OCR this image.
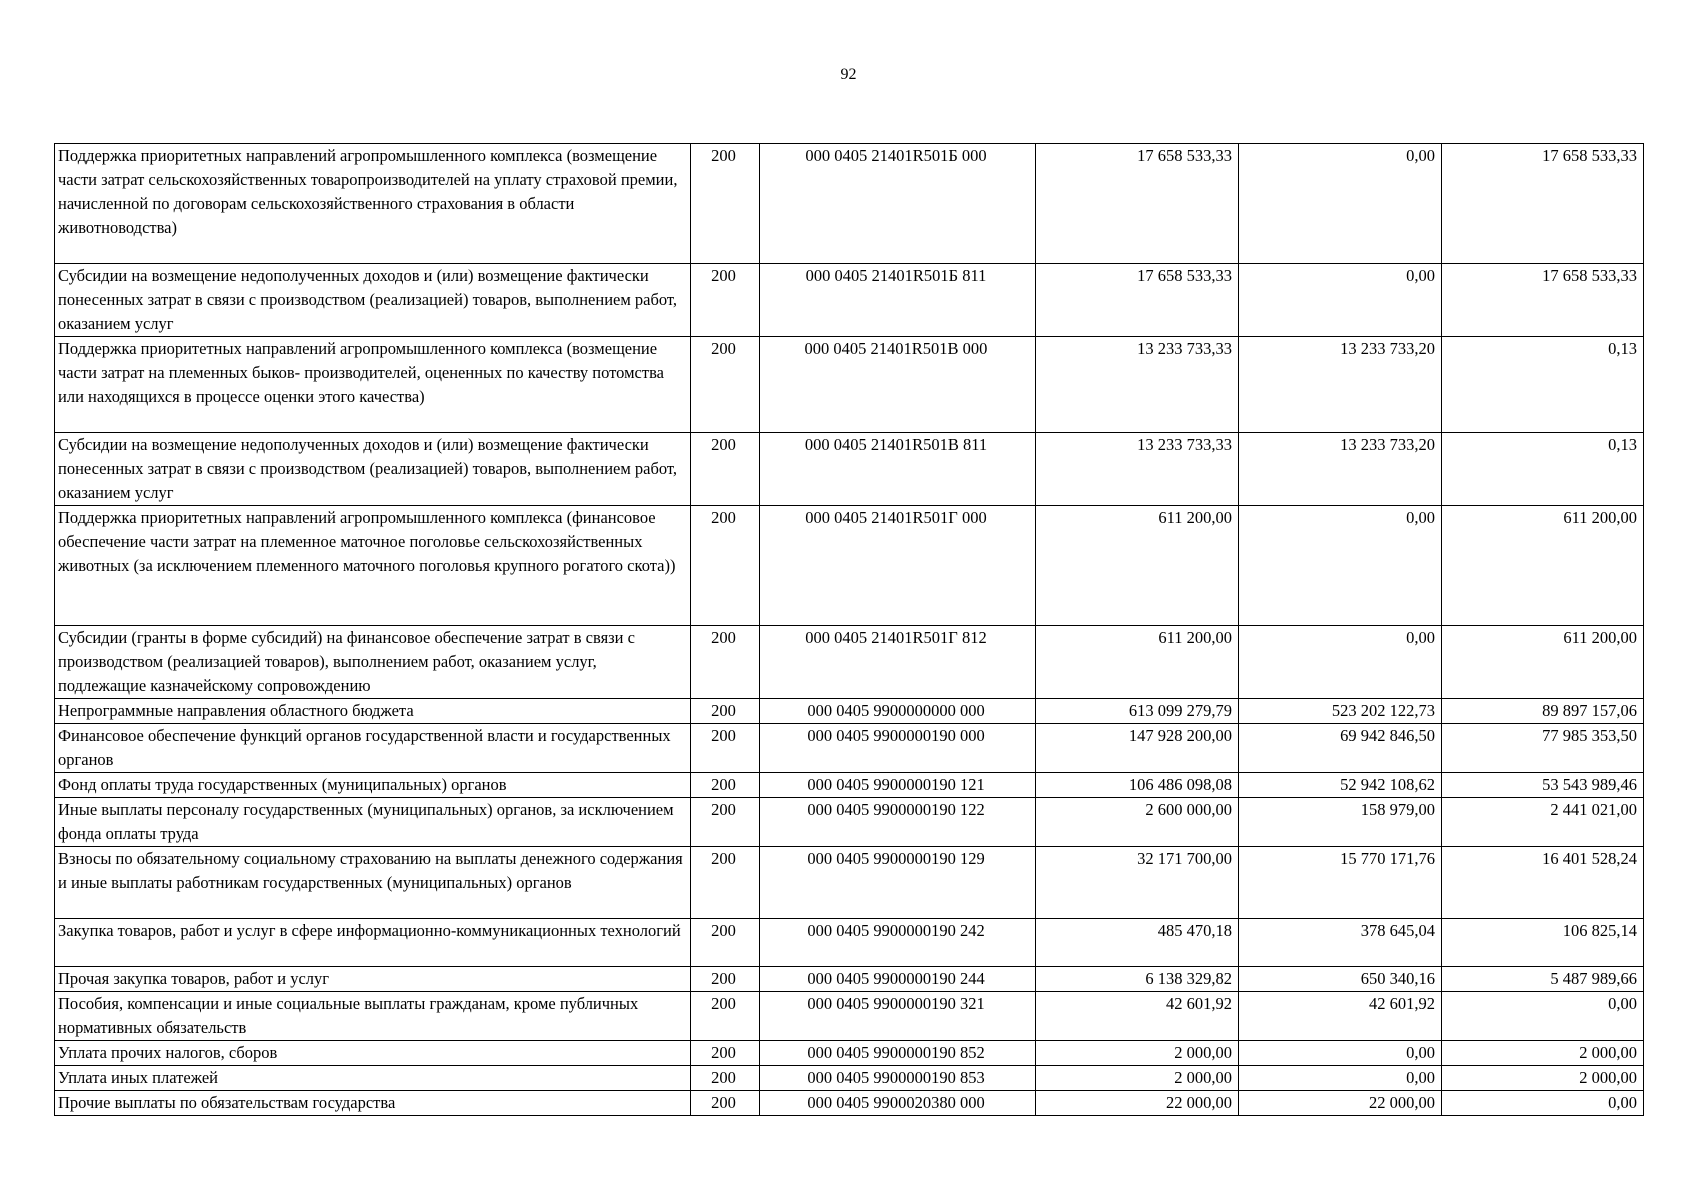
92
Поддержка приоритетных направлений агропромышленного комплекса (возмещение части затрат сельскохозяйственных товаропроизводителей на уплату страховой премии, начисленной по договорам сельскохозяйственного страхования в области животноводства)	200	000 0405 21401R501Б 000	17 658 533,33	0,00	17 658 533,33
Субсидии на возмещение недополученных доходов и (или) возмещение фактически понесенных затрат в связи с производством (реализацией) товаров, выполнением работ, оказанием услуг	200	000 0405 21401R501Б 811	17 658 533,33	0,00	17 658 533,33
Поддержка приоритетных направлений агропромышленного комплекса (возмещение части затрат на племенных быков- производителей, оцененных по качеству потомства или находящихся в процессе оценки этого качества)	200	000 0405 21401R501В 000	13 233 733,33	13 233 733,20	0,13
Субсидии на возмещение недополученных доходов и (или) возмещение фактически понесенных затрат в связи с производством (реализацией) товаров, выполнением работ, оказанием услуг	200	000 0405 21401R501В 811	13 233 733,33	13 233 733,20	0,13
Поддержка приоритетных направлений агропромышленного комплекса (финансовое обеспечение части затрат на племенное маточное поголовье сельскохозяйственных животных (за исключением племенного маточного поголовья крупного рогатого скота))	200	000 0405 21401R501Г 000	611 200,00	0,00	611 200,00
Субсидии (гранты в форме субсидий) на финансовое обеспечение затрат в связи с производством (реализацией товаров), выполнением работ, оказанием услуг, подлежащие казначейскому сопровождению	200	000 0405 21401R501Г 812	611 200,00	0,00	611 200,00
Непрограммные направления областного бюджета	200	000 0405 9900000000 000	613 099 279,79	523 202 122,73	89 897 157,06
Финансовое обеспечение функций органов государственной власти и государственных органов	200	000 0405 9900000190 000	147 928 200,00	69 942 846,50	77 985 353,50
Фонд оплаты труда государственных (муниципальных) органов	200	000 0405 9900000190 121	106 486 098,08	52 942 108,62	53 543 989,46
Иные выплаты персоналу государственных (муниципальных) органов, за исключением фонда оплаты труда	200	000 0405 9900000190 122	2 600 000,00	158 979,00	2 441 021,00
Взносы по обязательному социальному страхованию на выплаты денежного содержания и иные выплаты работникам государственных (муниципальных) органов	200	000 0405 9900000190 129	32 171 700,00	15 770 171,76	16 401 528,24
Закупка товаров, работ и услуг в сфере информационно-коммуникационных технологий	200	000 0405 9900000190 242	485 470,18	378 645,04	106 825,14
Прочая закупка товаров, работ и услуг	200	000 0405 9900000190 244	6 138 329,82	650 340,16	5 487 989,66
Пособия, компенсации и иные социальные выплаты гражданам, кроме публичных нормативных обязательств	200	000 0405 9900000190 321	42 601,92	42 601,92	0,00
Уплата прочих налогов, сборов	200	000 0405 9900000190 852	2 000,00	0,00	2 000,00
Уплата иных платежей	200	000 0405 9900000190 853	2 000,00	0,00	2 000,00
Прочие выплаты по обязательствам государства	200	000 0405 9900020380 000	22 000,00	22 000,00	0,00
